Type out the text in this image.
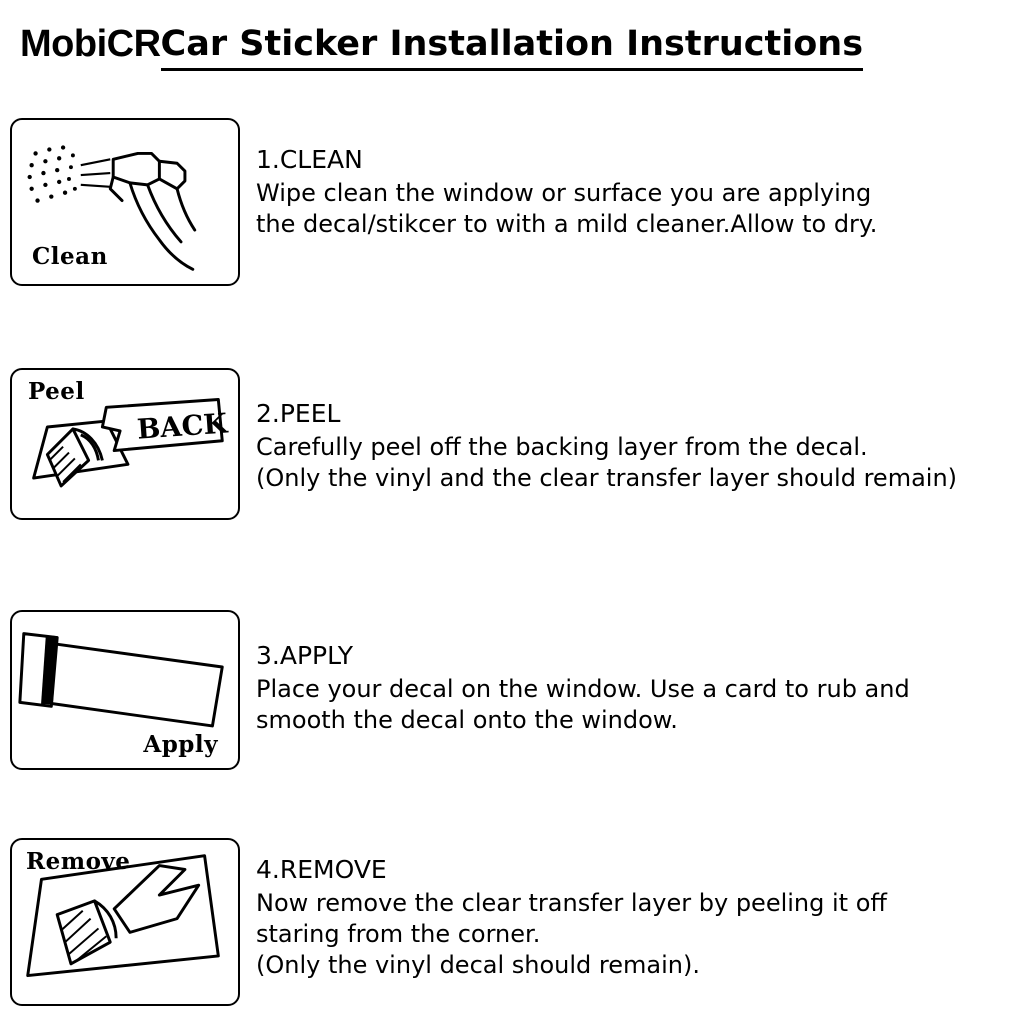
MobiCR Car Sticker Installation Instructions
Clean

1.CLEAN

Wipe clean the window or surface you are applying

the decal/stikcer to with a mild cleaner.Allow to dry.

BACK
Peel

2.PEEL

Carefully peel off the backing layer from the decal.

(Only the vinyl and the clear transfer layer should remain)

Apply

3.APPLY

Place your decal on the window. Use a card to rub and

smooth the decal onto the window.

Remove	4.REMOVE

Now remove the clear transfer layer by peeling it off

staring from the corner.

(Only the vinyl decal should remain).
